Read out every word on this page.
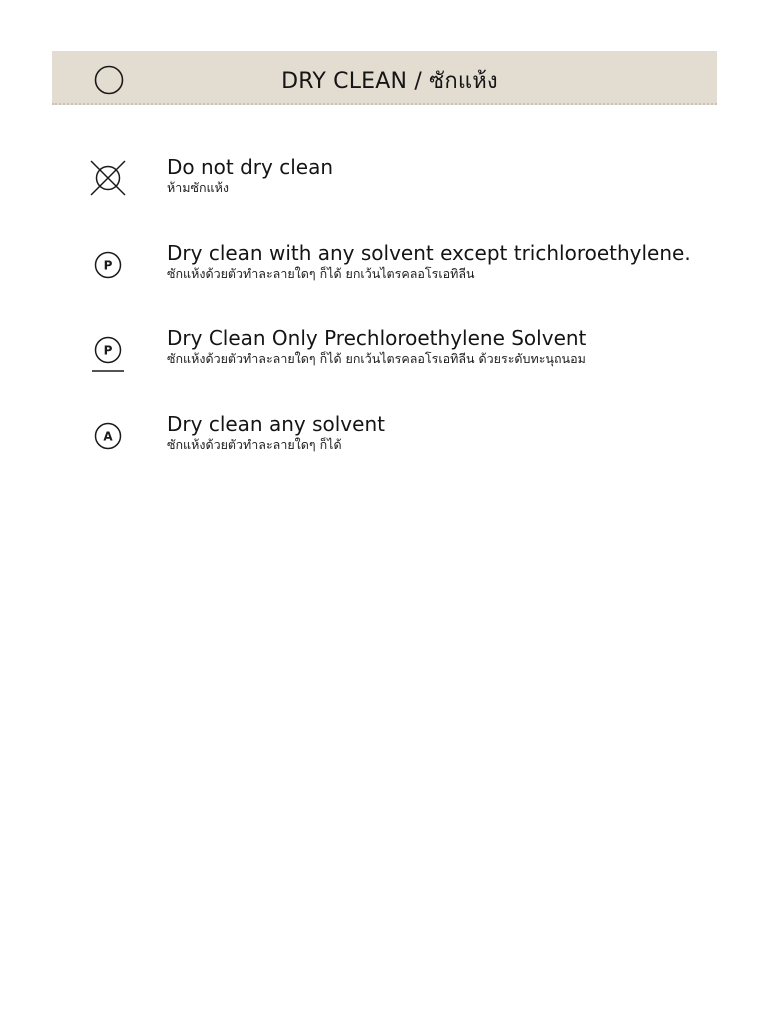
DRY CLEAN / ซักแห้ง
Do not dry clean
ห้ามซักแห้ง
P
Dry clean with any solvent except trichloroethylene.
ซักแห้งด้วยตัวทำละลายใดๆ ก็ได้ ยกเว้นไตรคลอโรเอทิลีน
P
Dry Clean Only Prechloroethylene Solvent
ซักแห้งด้วยตัวทำละลายใดๆ ก็ได้ ยกเว้นไตรคลอโรเอทิลีน ด้วยระดับทะนุถนอม
A
Dry clean any solvent
ซักแห้งด้วยตัวทำละลายใดๆ ก็ได้
